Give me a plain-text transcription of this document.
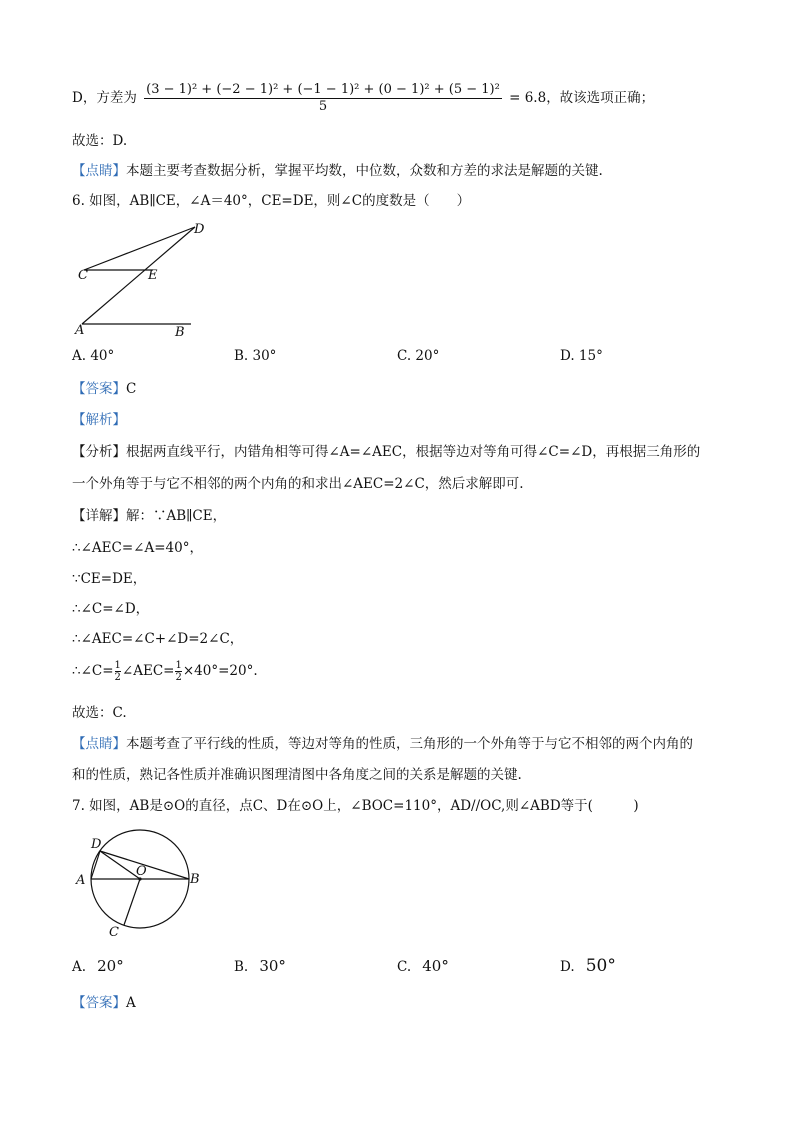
D，方差为 $\frac{\text{(3 − 1)² + (−2 − 1)² + (−1 − 1)² + (0 − 1)² + (5 − 1)²}}{5} = 6.8$，故该选项正确；
故选：D.
【点睛】本题主要考查数据分析，掌握平均数，中位数，众数和方差的求法是解题的关键.
6. 如图，AB∥CE，∠A＝40°，CE=DE，则∠C的度数是（　　）
D
C	E
A	B
A. 40°	B. 30°	C. 20°	D. 15°
【答案】C
【解析】
【分析】根据两直线平行，内错角相等可得∠A=∠AEC，根据等边对等角可得∠C=∠D，再根据三角形的
一个外角等于与它不相邻的两个内角的和求出∠AEC=2∠C，然后求解即可.
【详解】解：∵AB∥CE，
∴∠AEC=∠A=40°，
∵CE=DE，
∴∠C=∠D，
∴∠AEC=∠C+∠D=2∠C，
∴∠C= $\frac{1}{2}$ ∠AEC= $\frac{1}{2} \times 40^\circ=20^\circ$.
故选：C.
【点睛】本题考查了平行线的性质，等边对等角的性质，三角形的一个外角等于与它不相邻的两个内角的
和的性质，熟记各性质并准确识图理清图中各角度之间的关系是解题的关键.
7. 如图，AB是⊙O的直径，点C、D在⊙O上，∠BOC=110°，AD//OC,则∠ABD等于(　　　)
D
A
O
B
C
A. 20°	B. 30°	C. 40°	D. 50°
【答案】A
